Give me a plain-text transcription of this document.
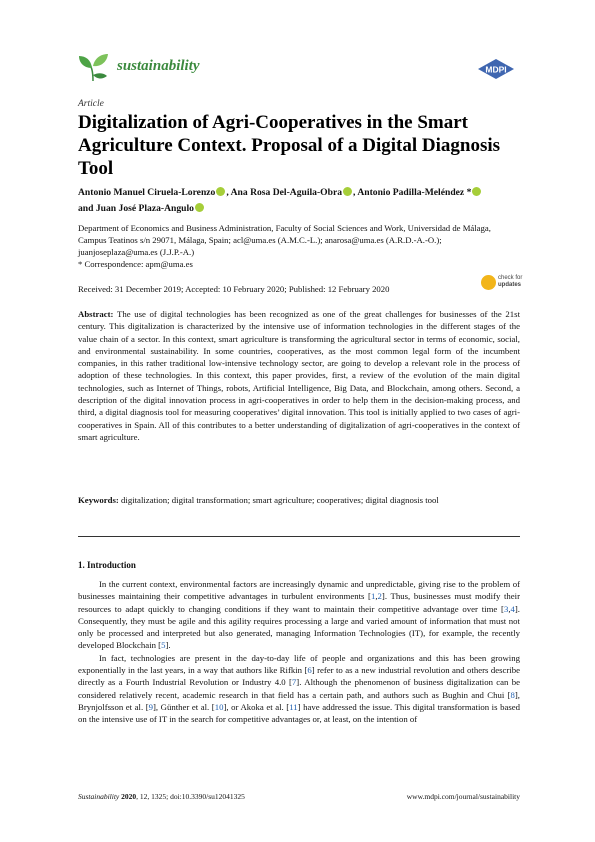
sustainability	MDPI
Article
Digitalization of Agri-Cooperatives in the Smart Agriculture Context. Proposal of a Digital Diagnosis Tool
Antonio Manuel Ciruela-Lorenzo , Ana Rosa Del-Aguila-Obra , Antonio Padilla-Meléndez *
and Juan José Plaza-Angulo

Department of Economics and Business Administration, Faculty of Social Sciences and Work, Universidad de Málaga, Campus Teatinos s/n 29071, Málaga, Spain; acl@uma.es (A.M.C.-L.); anarosa@uma.es (A.R.D.-A.-O.); juanjoseplaza@uma.es (J.J.P.-A.)

* Correspondence: apm@uma.es

Received: 31 December 2019; Accepted: 10 February 2020; Published: 12 February 2020
check for
updates

Abstract: The use of digital technologies has been recognized as one of the great challenges for businesses of the 21st century. This digitalization is characterized by the intensive use of information technologies in the different stages of the value chain of a sector. In this context, smart agriculture is transforming the agricultural sector in terms of economic, social, and environmental sustainability. In some countries, cooperatives, as the most common legal form of the incumbent companies, in this rather traditional low-intensive technology sector, are going to develop a relevant role in the process of adoption of these technologies. In this context, this paper provides, first, a review of the evolution of the main digital technologies, such as Internet of Things, robots, Artificial Intelligence, Big Data, and Blockchain, among others. Second, a description of the digital innovation process in agri-cooperatives in order to help them in the decision-making process, and third, a digital diagnosis tool for measuring cooperatives’ digital innovation. This tool is initially applied to two cases of agri-cooperatives in Spain. All of this contributes to a better understanding of digitalization of agri-cooperatives in the context of smart agriculture.

Keywords: digitalization; digital transformation; smart agriculture; cooperatives; digital diagnosis tool

1. Introduction

In the current context, environmental factors are increasingly dynamic and unpredictable, giving rise to the problem of businesses maintaining their competitive advantages in turbulent environments [1,2]. Thus, businesses must modify their resources to adapt quickly to changing conditions if they want to maintain their competitive advantage over time [3,4]. Consequently, they must be agile and this agility requires processing a large and varied amount of information that must not only be processed and interpreted but also generated, managing Information Technologies (IT), for example, the recently developed Blockchain [5].

In fact, technologies are present in the day-to-day life of people and organizations and this has been growing exponentially in the last years, in a way that authors like Rifkin [6] refer to as a new industrial revolution and others describe directly as a Fourth Industrial Revolution or Industry 4.0 [7]. Although the phenomenon of business digitalization can be considered relatively recent, academic research in that field has a certain path, and authors such as Bughin and Chui [8], Brynjolfsson et al. [9], Günther et al. [10], or Akoka et al. [11] have addressed the issue. This digital transformation is based on the intensive use of IT in the search for competitive advantages or, at least, on the intention of

Sustainability 2020, 12, 1325; doi:10.3390/su12041325	www.mdpi.com/journal/sustainability
